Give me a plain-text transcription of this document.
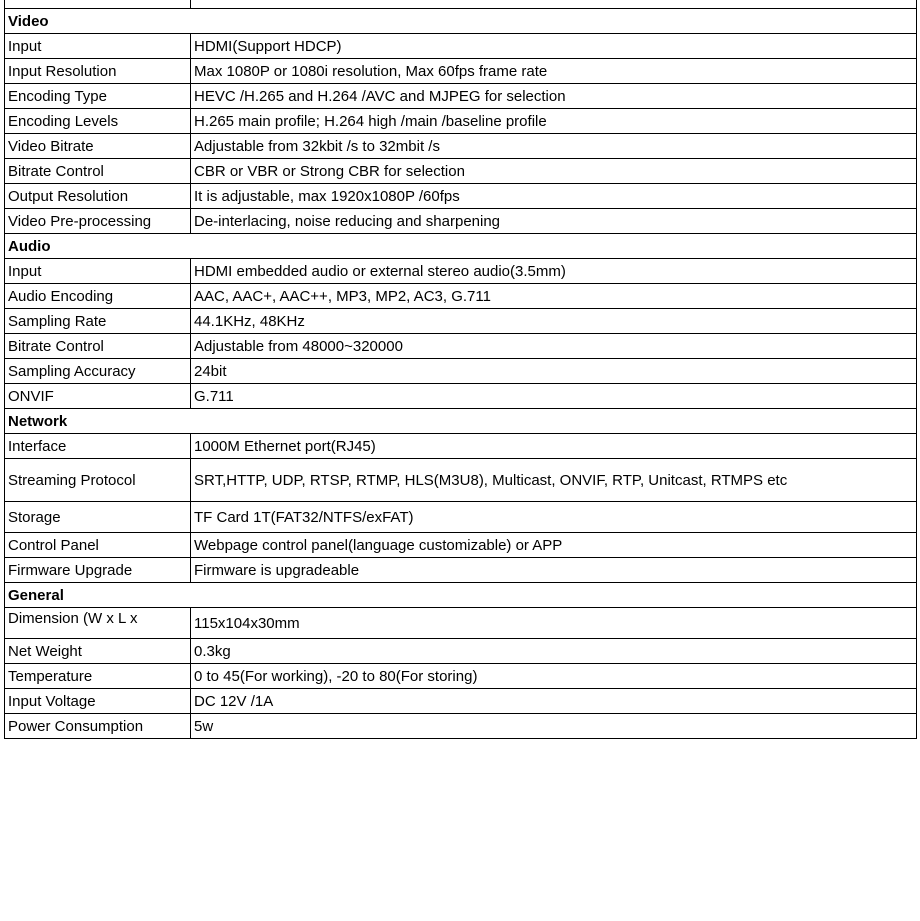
Video	
Input	HDMI(Support HDCP)
Input Resolution	Max 1080P or 1080i resolution, Max 60fps frame rate
Encoding Type	HEVC /H.265 and H.264 /AVC and MJPEG for selection
Encoding Levels	H.265 main profile; H.264 high /main /baseline profile
Video Bitrate	Adjustable from 32kbit /s to 32mbit /s
Bitrate Control	CBR or VBR or Strong CBR for selection
Output Resolution	It is adjustable, max 1920x1080P /60fps
Video Pre-processing	De-interlacing, noise reducing and sharpening
Audio	
Input	HDMI embedded audio or external stereo audio(3.5mm)
Audio Encoding	AAC, AAC+, AAC++, MP3, MP2, AC3, G.711
Sampling Rate	44.1KHz, 48KHz
Bitrate Control	Adjustable from 48000~320000
Sampling Accuracy	24bit
ONVIF	G.711
Network	
Interface	1000M Ethernet port(RJ45)
Streaming Protocol	SRT,HTTP, UDP, RTSP, RTMP, HLS(M3U8), Multicast, ONVIF, RTP, Unitcast, RTMPS etc
Storage	TF Card 1T(FAT32/NTFS/exFAT)
Control Panel	Webpage control panel(language customizable) or APP
Firmware Upgrade	Firmware is upgradeable
General	
Dimension (W x L x	115x104x30mm
Net Weight	0.3kg
Temperature	0 to 45(For working), -20 to 80(For storing)
Input Voltage	DC 12V /1A
Power Consumption	5w
